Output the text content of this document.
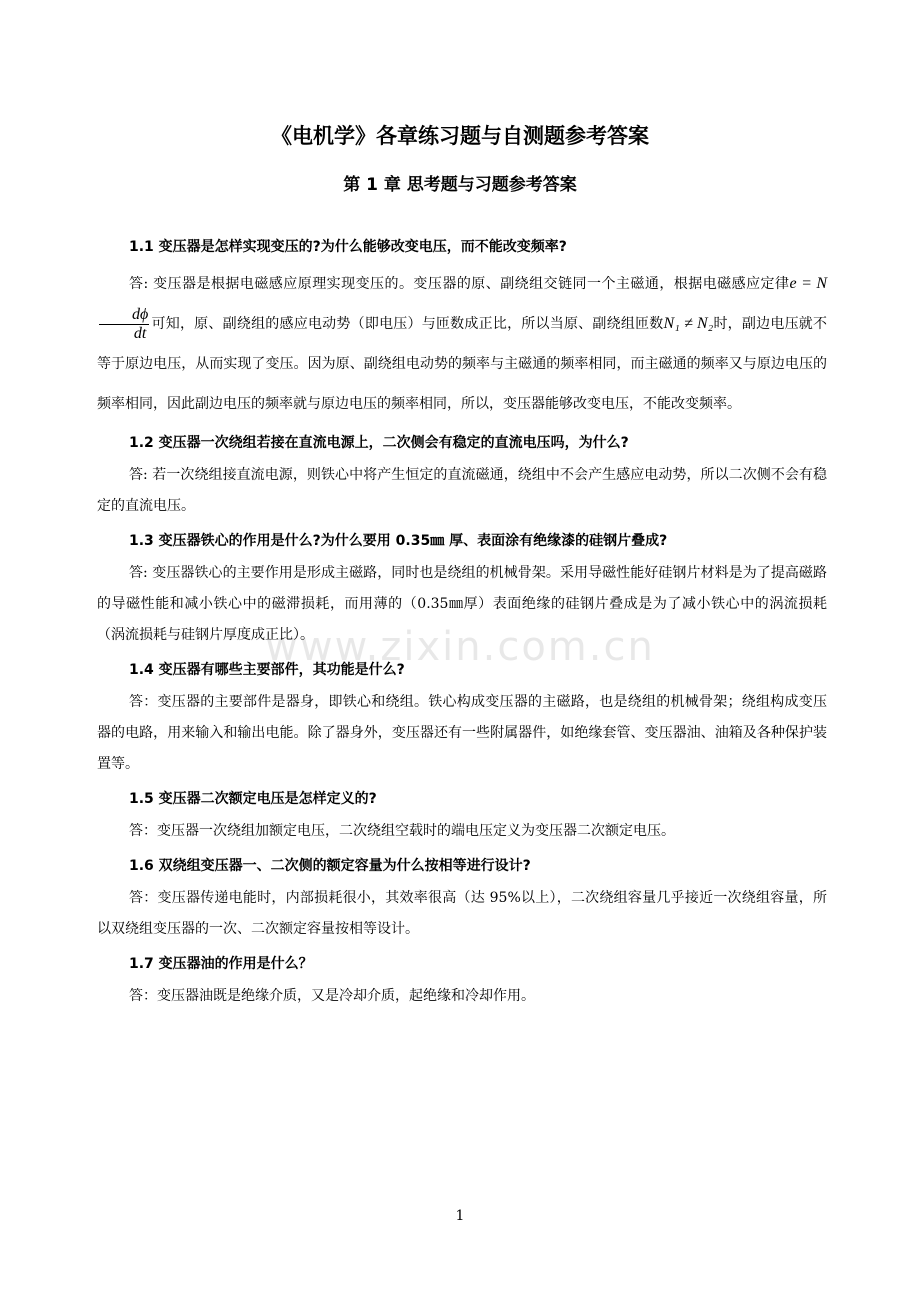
《电机学》各章练习题与自测题参考答案
第 1 章 思考题与习题参考答案
www.zixin.com.cn
1.1 变压器是怎样实现变压的?为什么能够改变电压，而不能改变频率?
答: 变压器是根据电磁感应原理实现变压的。变压器的原、副绕组交链同一个主磁通，根据电磁感应定律e = N
$\frac{d\phi}{dt}$ 可知，原、副绕组的感应电动势（即电压）与匝数成正比，所以当原、副绕组匝数N₁ ≠ N₂时，副边电压就不等于原边电压，从而实现了变压。因为原、副绕组电动势的频率与主磁通的频率相同，而主磁通的频率又与原边电压的频率相同，因此副边电压的频率就与原边电压的频率相同，所以，变压器能够改变电压，不能改变频率。
1.2 变压器一次绕组若接在直流电源上，二次侧会有稳定的直流电压吗，为什么?
答: 若一次绕组接直流电源，则铁心中将产生恒定的直流磁通，绕组中不会产生感应电动势，所以二次侧不会有稳定的直流电压。
1.3 变压器铁心的作用是什么?为什么要用 0.35㎜ 厚、表面涂有绝缘漆的硅钢片叠成?
答: 变压器铁心的主要作用是形成主磁路，同时也是绕组的机械骨架。采用导磁性能好硅钢片材料是为了提高磁路的导磁性能和减小铁心中的磁滞损耗，而用薄的（0.35㎜厚）表面绝缘的硅钢片叠成是为了减小铁心中的涡流损耗（涡流损耗与硅钢片厚度成正比）。
1.4 变压器有哪些主要部件，其功能是什么?
答：变压器的主要部件是器身，即铁心和绕组。铁心构成变压器的主磁路，也是绕组的机械骨架；绕组构成变压器的电路，用来输入和输出电能。除了器身外，变压器还有一些附属器件，如绝缘套管、变压器油、油箱及各种保护装置等。
1.5 变压器二次额定电压是怎样定义的?
答：变压器一次绕组加额定电压，二次绕组空载时的端电压定义为变压器二次额定电压。
1.6 双绕组变压器一、二次侧的额定容量为什么按相等进行设计?
答：变压器传递电能时，内部损耗很小，其效率很高（达 95%以上），二次绕组容量几乎接近一次绕组容量，所以双绕组变压器的一次、二次额定容量按相等设计。
1.7 变压器油的作用是什么？
答：变压器油既是绝缘介质，又是冷却介质，起绝缘和冷却作用。
1
